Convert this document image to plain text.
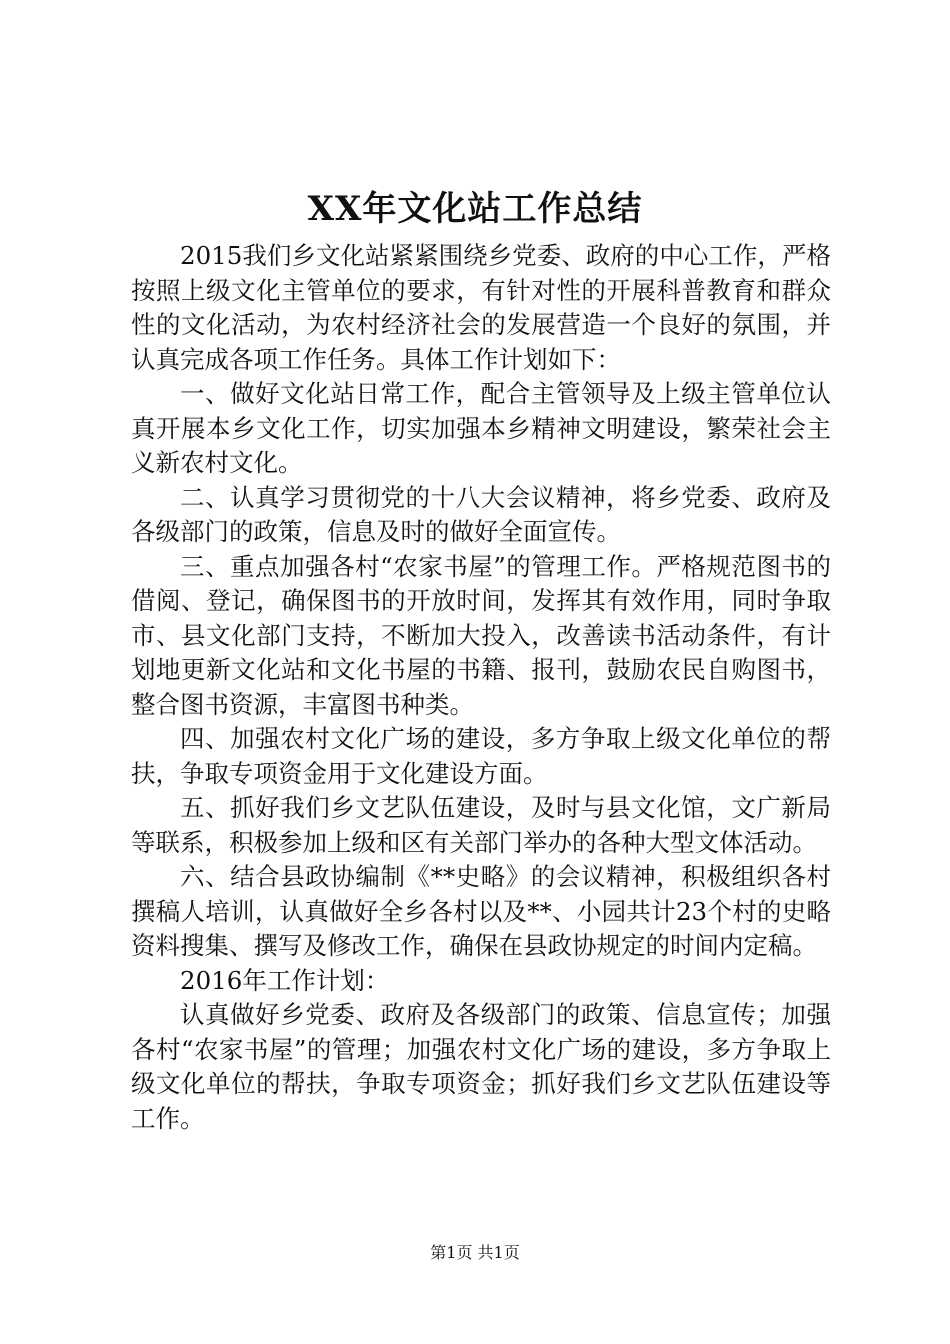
XX年文化站工作总结

2015我们乡文化站紧紧围绕乡党委、政府的中心工作，严格按照上级文化主管单位的要求，有针对性的开展科普教育和群众性的文化活动，为农村经济社会的发展营造一个良好的氛围，并认真完成各项工作任务。具体工作计划如下：

一、做好文化站日常工作，配合主管领导及上级主管单位认真开展本乡文化工作，切实加强本乡精神文明建设，繁荣社会主义新农村文化。

二、认真学习贯彻党的十八大会议精神，将乡党委、政府及各级部门的政策，信息及时的做好全面宣传。

三、重点加强各村“农家书屋”的管理工作。严格规范图书的借阅、登记，确保图书的开放时间，发挥其有效作用，同时争取市、县文化部门支持，不断加大投入，改善读书活动条件，有计划地更新文化站和文化书屋的书籍、报刊，鼓励农民自购图书，整合图书资源，丰富图书种类。

四、加强农村文化广场的建设，多方争取上级文化单位的帮扶，争取专项资金用于文化建设方面。

五、抓好我们乡文艺队伍建设，及时与县文化馆，文广新局等联系，积极参加上级和区有关部门举办的各种大型文体活动。

六、结合县政协编制《**史略》的会议精神，积极组织各村撰稿人培训，认真做好全乡各村以及**、小园共计23个村的史略资料搜集、撰写及修改工作，确保在县政协规定的时间内定稿。

2016年工作计划：

认真做好乡党委、政府及各级部门的政策、信息宣传；加强各村“农家书屋”的管理；加强农村文化广场的建设，多方争取上级文化单位的帮扶，争取专项资金；抓好我们乡文艺队伍建设等工作。

第1页 共1页
